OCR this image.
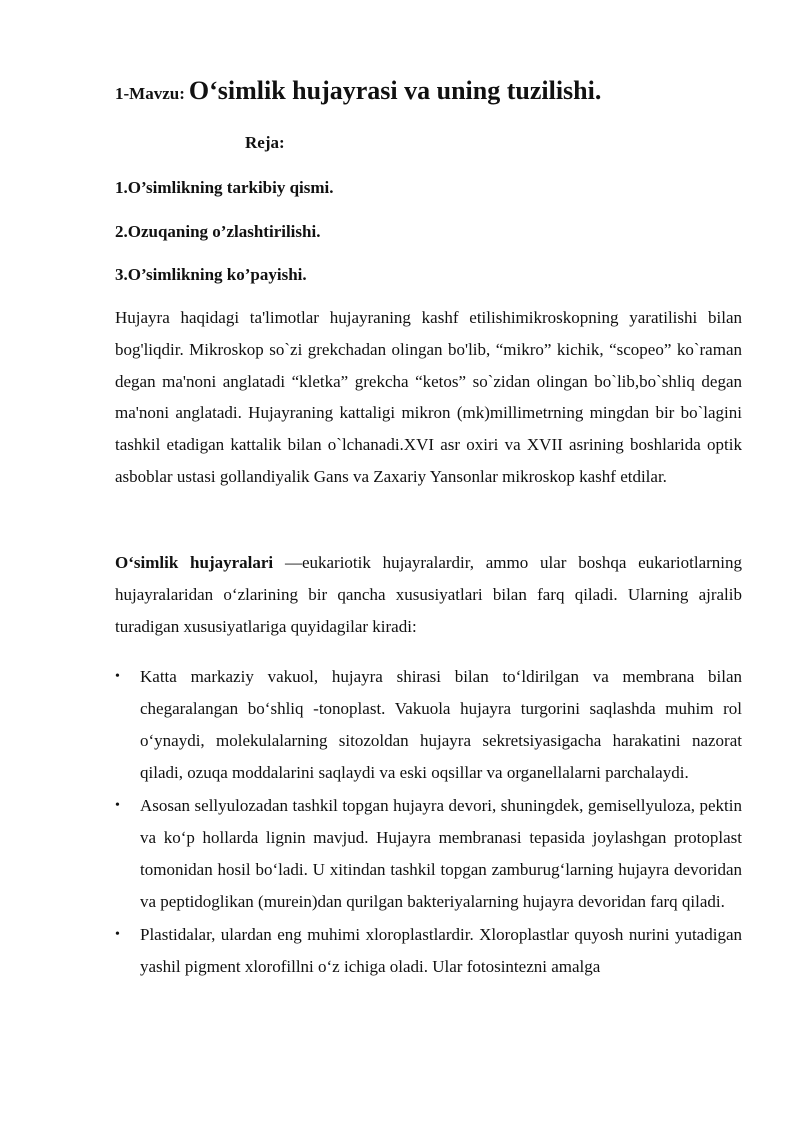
1-Mavzu: O‘simlik hujayrasi va uning tuzilishi.

Reja:

1.O’simlikning tarkibiy qismi.

2.Ozuqaning o’zlashtirilishi.

3.O’simlikning ko’payishi.

Hujayra haqidagi ta'limotlar hujayraning kashf etilishimikroskopning yaratilishi bilan bog'liqdir. Mikroskop so`zi grekchadan olingan bo'lib, “mikro” kichik, “scopeo” ko`raman degan ma'noni anglatadi “kletka” grekcha “ketos” so`zidan olingan bo`lib,bo`shliq degan ma'noni anglatadi. Hujayraning kattaligi mikron (mk)millimetrning mingdan bir bo`lagini tashkil etadigan kattalik bilan o`lchanadi.XVI asr oxiri va XVII asrining boshlarida optik asboblar ustasi gollandiyalik Gans va Zaxariy Yansonlar mikroskop kashf etdilar.

O‘simlik hujayralari —eukariotik hujayralardir, ammo ular boshqa eukariotlarning hujayralaridan o‘zlarining bir qancha xususiyatlari bilan farq qiladi. Ularning ajralib turadigan xususiyatlariga quyidagilar kiradi:

• Katta markaziy vakuol, hujayra shirasi bilan to‘ldirilgan va membrana bilan chegaralangan bo‘shliq -tonoplast. Vakuola hujayra turgorini saqlashda muhim rol o‘ynaydi, molekulalarning sitozoldan hujayra sekretsiyasigacha harakatini nazorat qiladi, ozuqa moddalarini saqlaydi va eski oqsillar va organellalarni parchalaydi.
• Asosan sellyulozadan tashkil topgan hujayra devori, shuningdek, gemisellyuloza, pektin va ko‘p hollarda lignin mavjud. Hujayra membranasi tepasida joylashgan protoplast tomonidan hosil bo‘ladi. U xitindan tashkil topgan zamburug‘larning hujayra devoridan va peptidoglikan (murein)dan qurilgan bakteriyalarning hujayra devoridan farq qiladi.
• Plastidalar, ulardan eng muhimi xloroplastlardir. Xloroplastlar quyosh nurini yutadigan yashil pigment xlorofillni o‘z ichiga oladi. Ular fotosintezni amalga
